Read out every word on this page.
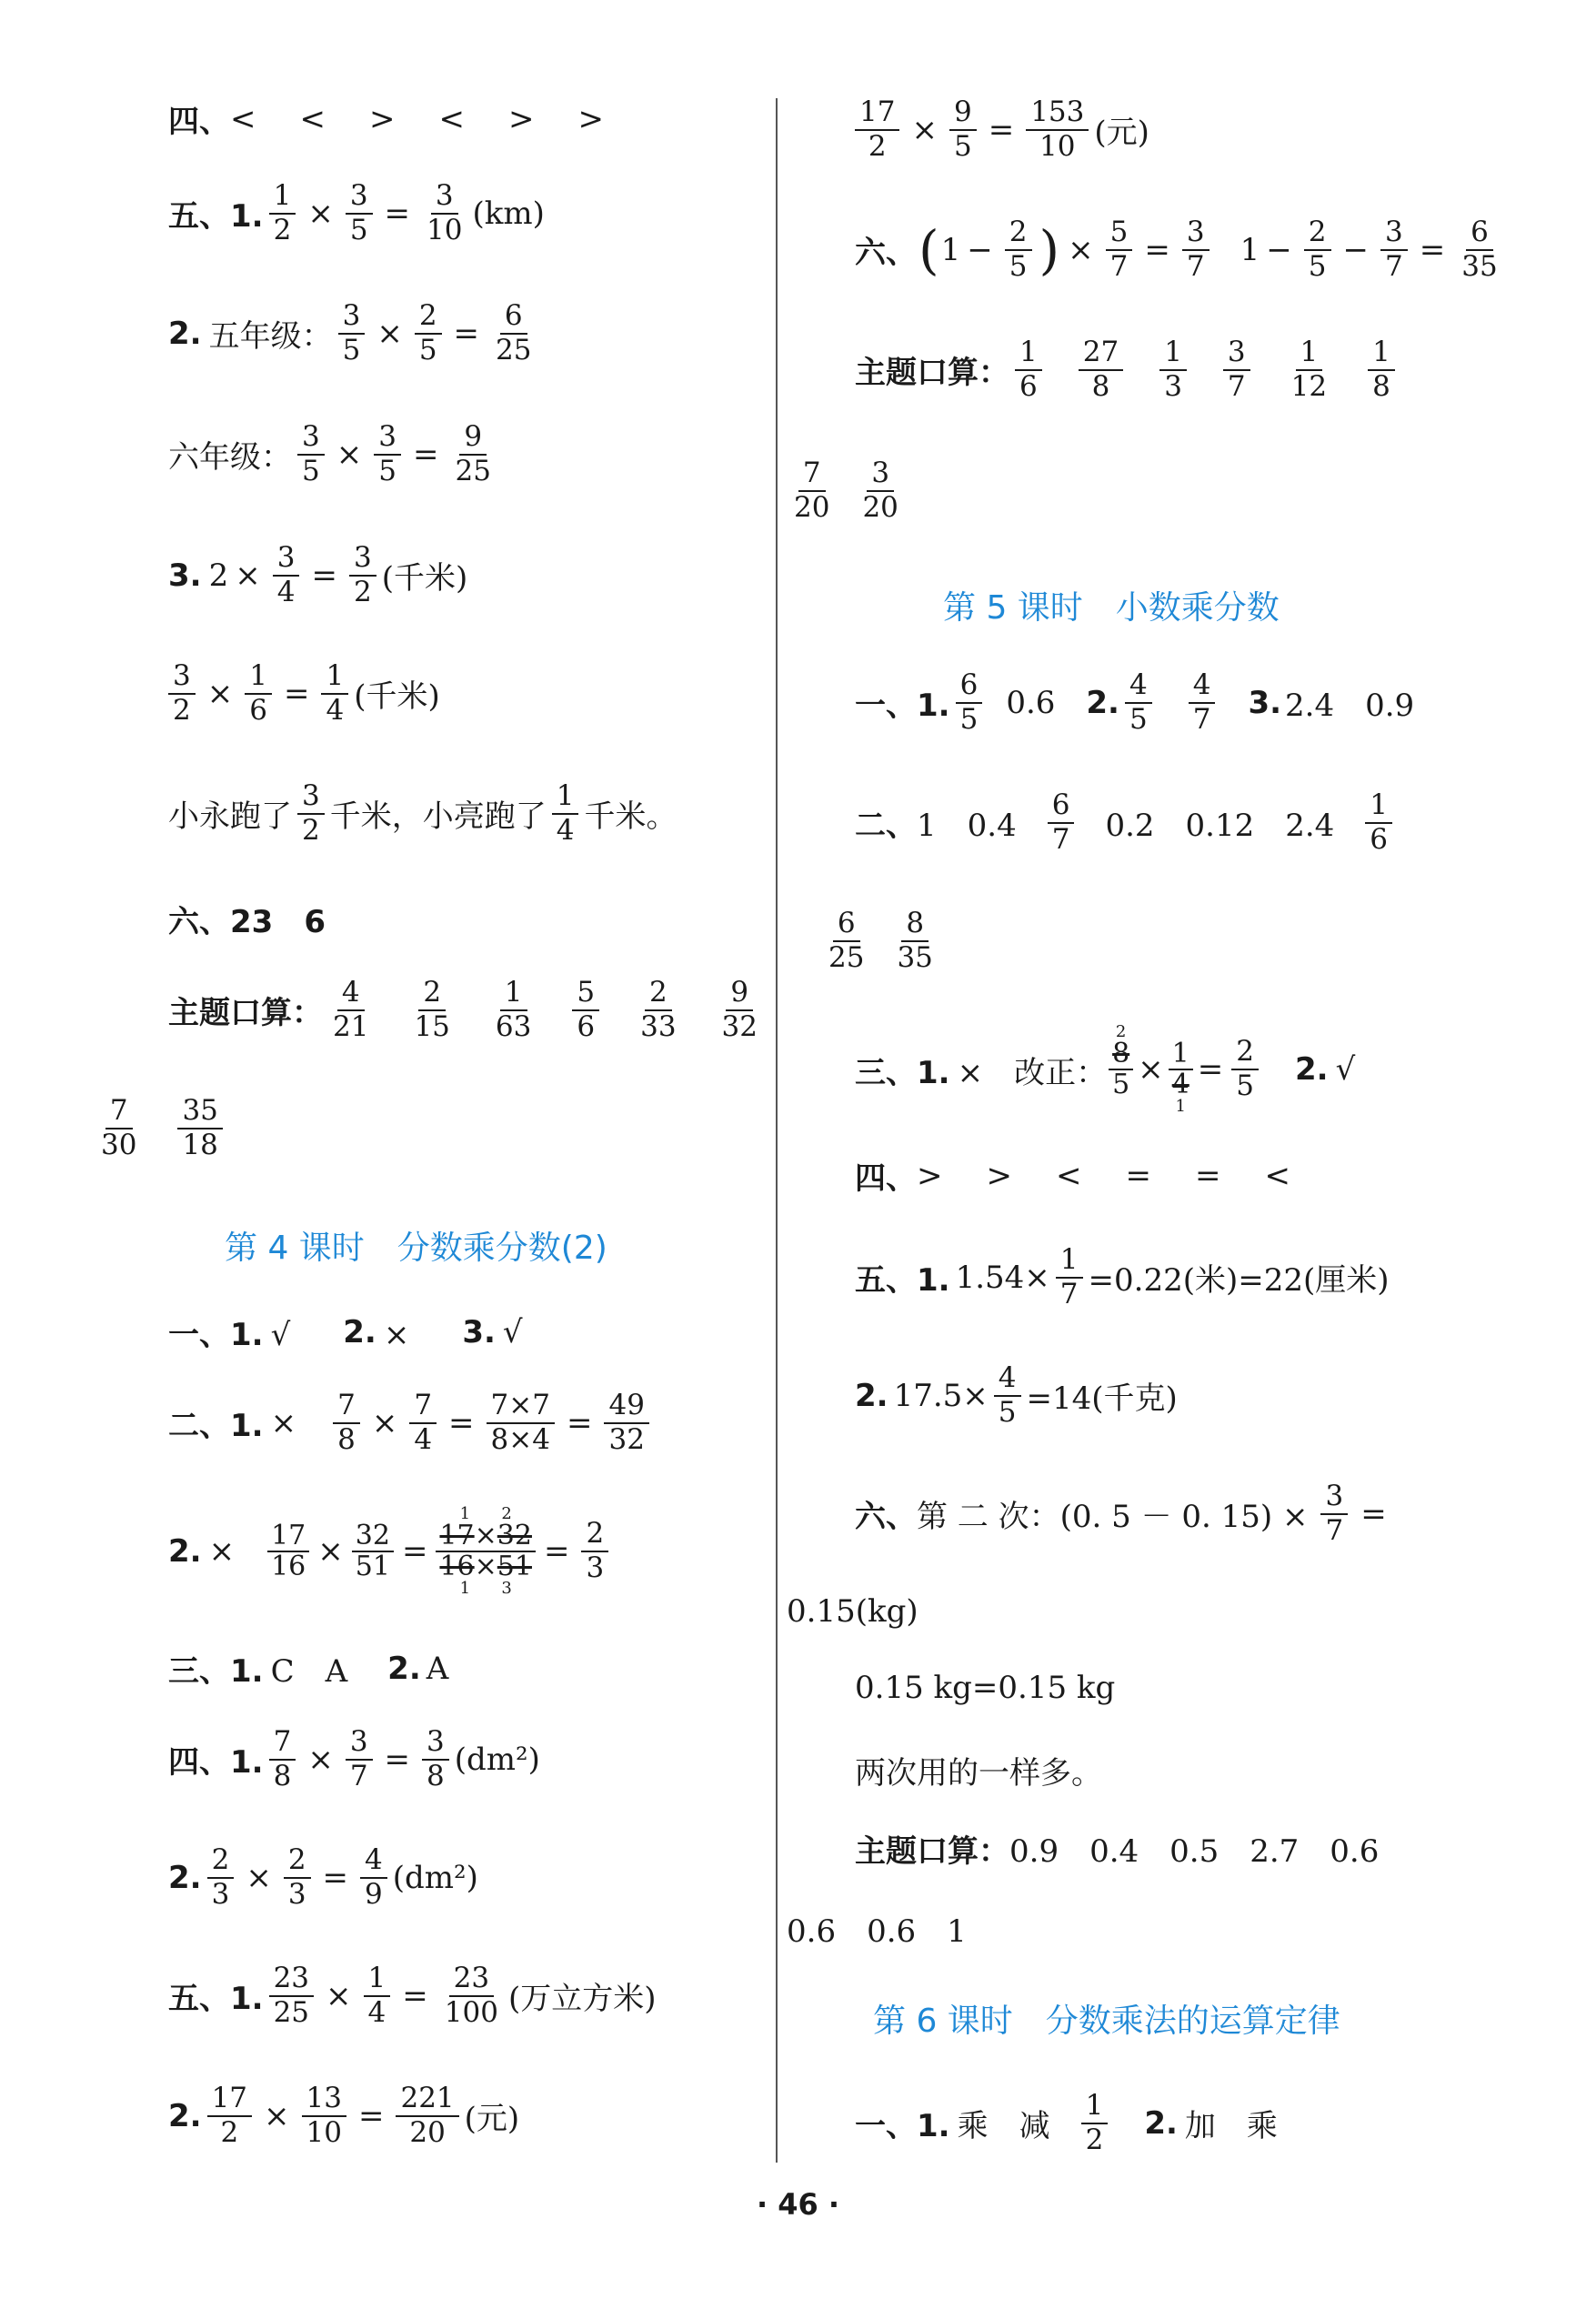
四、 < < > < > >
五、1. $\frac{1}{2} \times \frac{3}{5} = \frac{3}{10} (km)$
2. 五年级： $\frac{3}{5} \times \frac{2}{5} = \frac{6}{25}$
六年级： $\frac{3}{5} \times \frac{3}{5} = \frac{9}{25}$
3. $2 \times \frac{3}{4} = \frac{3}{2}$ (千米)
$\frac{3}{2} \times \frac{1}{6} = \frac{1}{4}$ (千米)
小永跑了 $\frac{3}{2}$ 千米，小亮跑了 $\frac{1}{4}$ 千米。
六、23　6
主题口算： $\frac{4}{21} \frac{2}{15} \frac{1}{63} \frac{5}{6} \frac{2}{33} \frac{9}{32}$
$\frac{7}{30} \frac{35}{18}$
第 4 课时　分数乘分数(2)
一、1. √　 2. ×　 3. √
二、1. × $\frac{7}{8} \times \frac{7}{4} = \frac{7\times 7}{8\times 4} = \frac{49}{32}$
2. ×
17
16
×
32
51
=
1      2
17×32
16×51
1      3
= $\frac{2}{3}$
三、1. C　A　 2. A
四、1. $\frac{7}{8} \times \frac{3}{7} = \frac{3}{8} (dm^2)$
2. $\frac{2}{3} \times \frac{2}{3} = \frac{4}{9} (dm^2)$
五、1. $\frac{23}{25} \times \frac{1}{4} = \frac{23}{100}$ (万立方米)
2. $\frac{17}{2} \times \frac{13}{10} = \frac{221}{20}$ (元)
$\frac{17}{2} \times \frac{9}{5} = \frac{153}{10}$ (元)
六、 ( $1 - \frac{2}{5}$ ) × $\frac{5}{7} = \frac{3}{7} 1 - \frac{2}{5} - \frac{3}{7} = \frac{6}{35}$
主题口算： $\frac{1}{6} \frac{27}{8} \frac{1}{3} \frac{3}{7} \frac{1}{12} \frac{1}{8}$
$\frac{7}{20} \frac{3}{20}$
第 5 课时　小数乘分数
一、1. $\frac{6}{5} 0.6$ 2. $\frac{4}{5} \frac{4}{7} 3$. 2.4　0.9
二、 1　$0.4 \frac{6}{7} 0.2$　0.12　$2.4 \frac{1}{6}$
$\frac{6}{25} \frac{8}{35}$
三、1. ×　改正：
2
8
5
×
1
4
1
= $\frac{2}{5} 2$. √
四、 > > < = = <
五、1. $1.54\times \frac{1}{7} =0.22$(米)=22(厘米)
2. $17.5\times \frac{4}{5} =14$(千克)
六、 第 二 次：(0. 5 － 0. $15) \times \frac{3}{7}$ =
0.15(kg)
0.15 kg=0.15 kg
两次用的一样多。
主题口算： 0.9　0.4　0.5　2.7　0.6
0.6　0.6　1
第 6 课时　分数乘法的运算定律
一、1. 乘　减 $\frac{1}{2} 2$. 加　乘
· 46 ·
